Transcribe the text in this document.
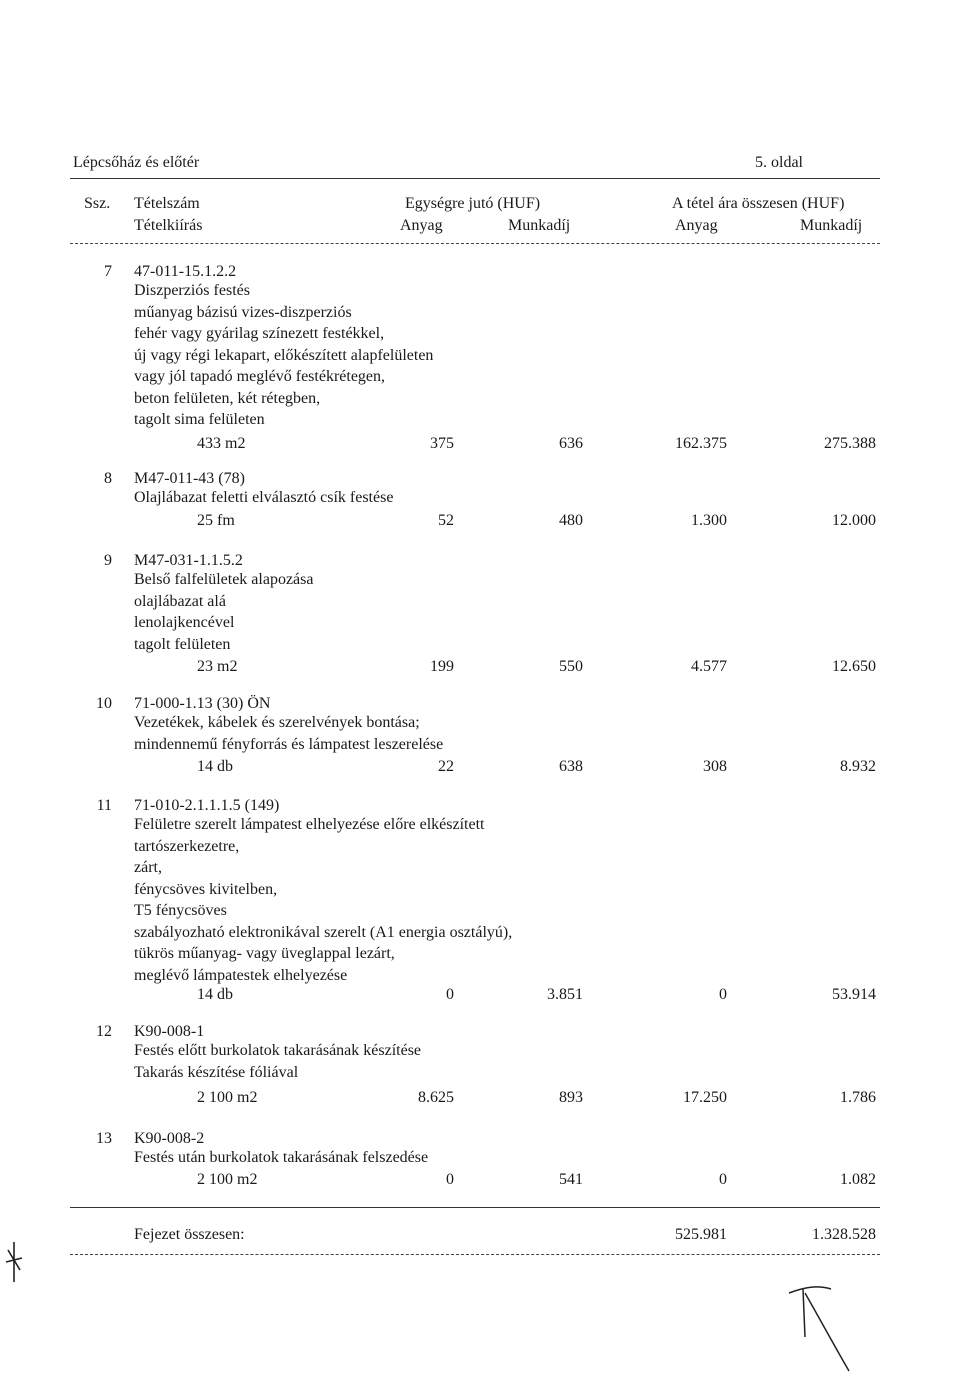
Lépcsőház és előtér	5. oldal
Ssz. Tételszám
Tételkiírás
Egységre jutó (HUF)
Anyag	Munkadíj
A tétel ára összesen (HUF)
Anyag	Munkadíj
7 47-011-15.1.2.2
Diszperziós festés
műanyag bázisú vizes-diszperziós
fehér vagy gyárilag színezett festékkel,
új vagy régi lekapart, előkészített alapfelületen
vagy jól tapadó meglévő festékrétegen,
beton felületen, két rétegben,
tagolt sima felületen
433 m2	375	636	162.375	275.388
8 M47-011-43 (78)
Olajlábazat feletti elválasztó csík festése
25 fm	52	480	1.300	12.000
9 M47-031-1.1.5.2
Belső falfelületek alapozása
olajlábazat alá
lenolajkencével
tagolt felületen
23 m2	199	550	4.577	12.650
10 71-000-1.13 (30) ÖN
Vezetékek, kábelek és szerelvények bontása;
mindennemű fényforrás és lámpatest leszerelése
14 db	22	638	308	8.932
11 71-010-2.1.1.1.5 (149)
Felületre szerelt lámpatest elhelyezése előre elkészített
tartószerkezetre,
zárt,
fénycsöves kivitelben,
T5 fénycsöves
szabályozható elektronikával szerelt (A1 energia osztályú),
tükrös műanyag- vagy üveglappal lezárt,
meglévő lámpatestek elhelyezése
14 db	0	3.851	0	53.914
12 K90-008-1
Festés előtt burkolatok takarásának készítése
Takarás készítése fóliával
2 100 m2	8.625	893	17.250	1.786
13 K90-008-2
Festés után burkolatok takarásának felszedése
2 100 m2	0	541	0	1.082
Fejezet összesen:	525.981	1.328.528
